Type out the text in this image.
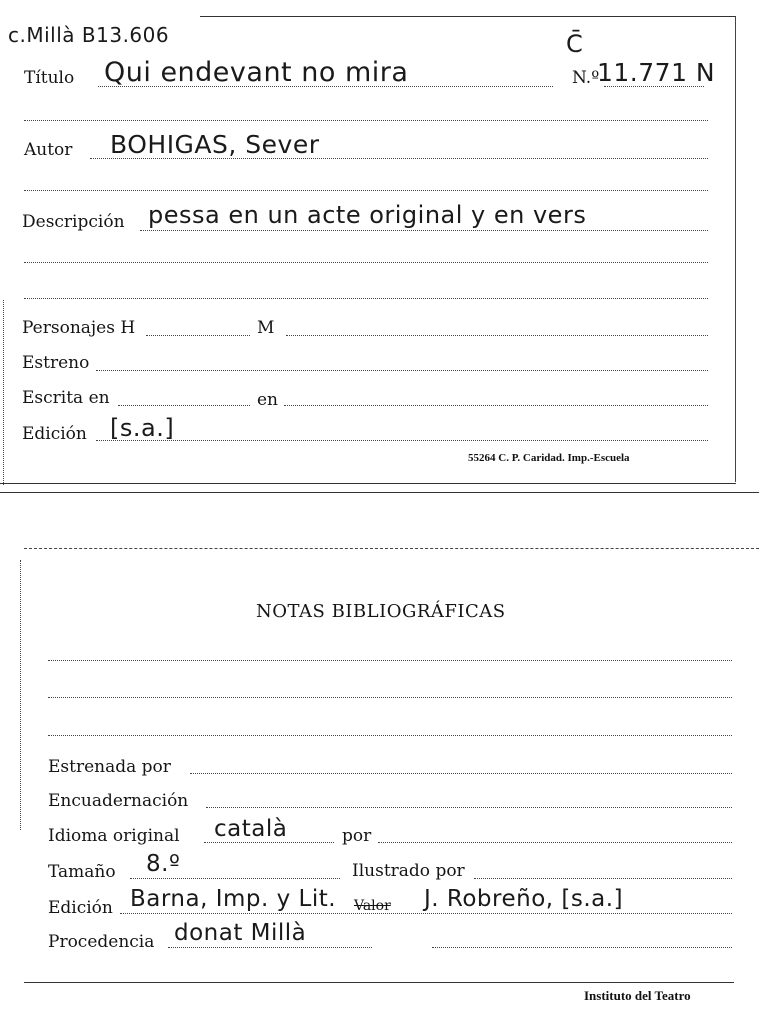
c.Millà B13.606	C̄
Título Qui endevant no mira	N.º
11.771 N
Autor BOHIGAS, Sever
Descripción pessa en un acte original y en vers
Personajes H	M
Estreno
Escrita en	en
Edición [s.a.]
55264 C. P. Caridad. Imp.-Escuela
NOTAS BIBLIOGRÁFICAS
Estrenada por
Encuadernación
Idioma original català	por
Tamaño 8.º	Ilustrado por
Edición Barna, Imp. y Lit. Valor J. Robreño, [s.a.]
Procedencia donat Millà
Instituto del Teatro
